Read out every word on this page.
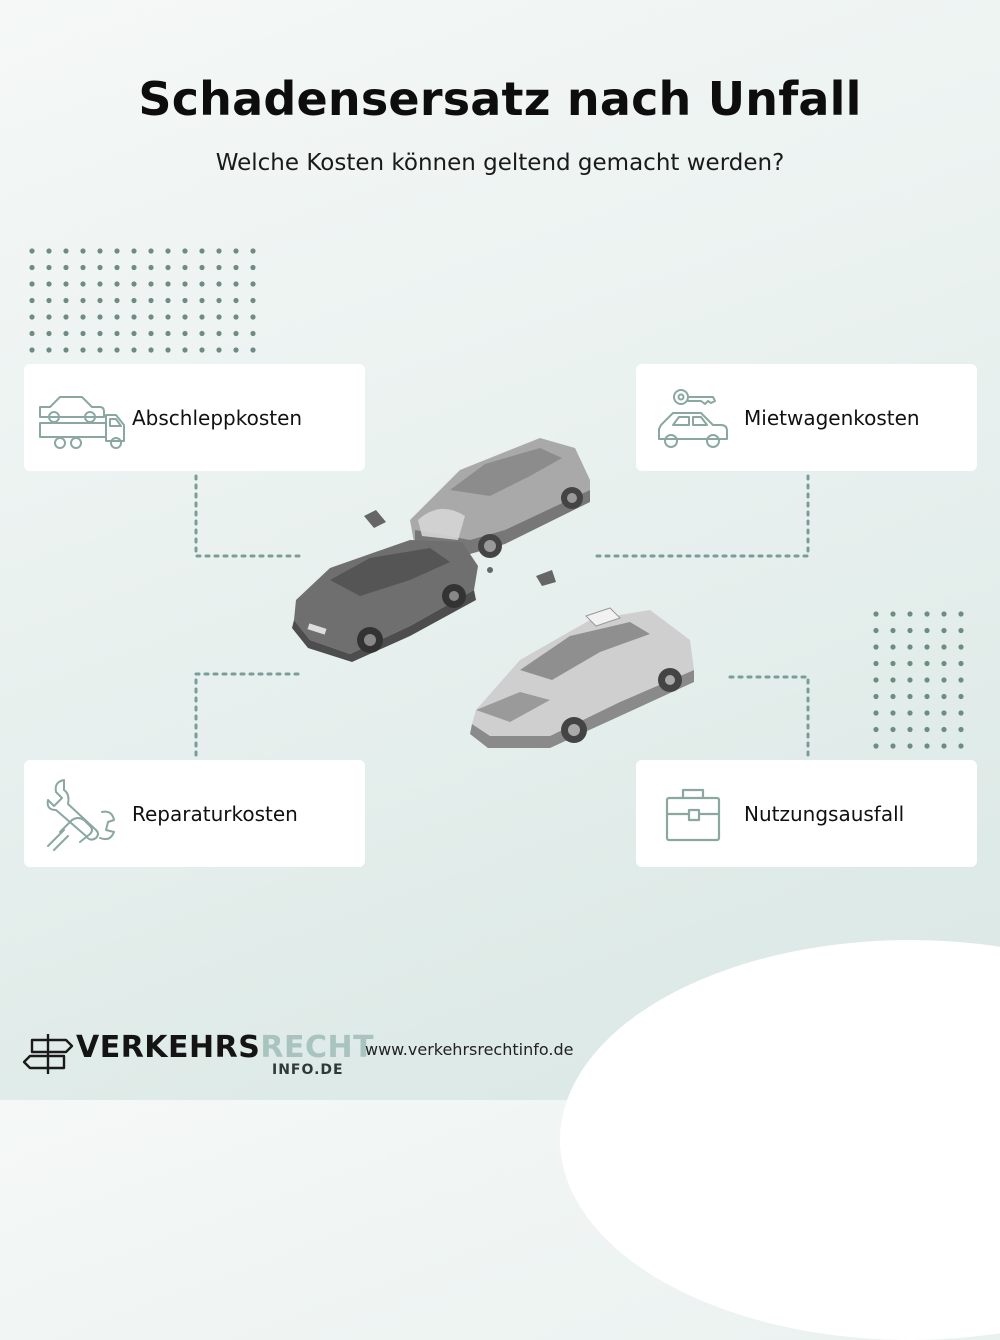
Schadensersatz nach Unfall
Welche Kosten können geltend gemacht werden?
Abschleppkosten	Mietwagenkosten
Reparaturkosten	Nutzungsausfall
VERKEHRSRECHT
INFO.DE
www.verkehrsrechtinfo.de
